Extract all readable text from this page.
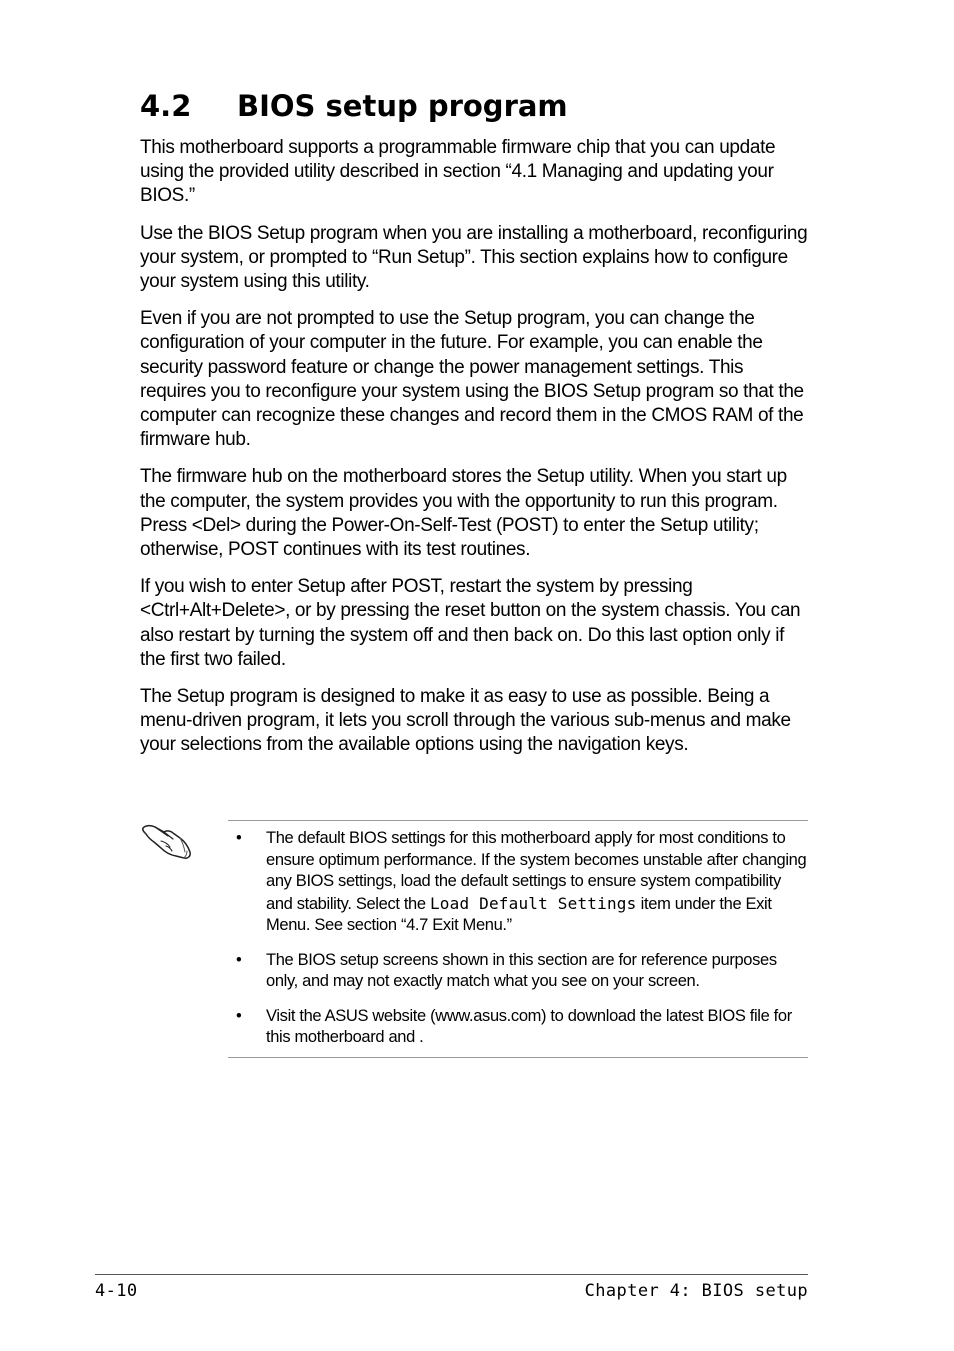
4.2 BIOS setup program

This motherboard supports a programmable firmware chip that you can update using the provided utility described in section “4.1 Managing and updating your BIOS.”

Use the BIOS Setup program when you are installing a motherboard, reconfiguring your system, or prompted to “Run Setup”. This section explains how to configure your system using this utility.

Even if you are not prompted to use the Setup program, you can change the configuration of your computer in the future. For example, you can enable the security password feature or change the power management settings. This requires you to reconfigure your system using the BIOS Setup program so that the computer can recognize these changes and record them in the CMOS RAM of the firmware hub.

The firmware hub on the motherboard stores the Setup utility. When you start up the computer, the system provides you with the opportunity to run this program. Press <Del> during the Power-On-Self-Test (POST) to enter the Setup utility; otherwise, POST continues with its test routines.

If you wish to enter Setup after POST, restart the system by pressing <Ctrl+Alt+Delete>, or by pressing the reset button on the system chassis. You can also restart by turning the system off and then back on. Do this last option only if the first two failed.

The Setup program is designed to make it as easy to use as possible. Being a menu-driven program, it lets you scroll through the various sub-menus and make your selections from the available options using the navigation keys.

• The default BIOS settings for this motherboard apply for most conditions to ensure optimum performance. If the system becomes unstable after changing any BIOS settings, load the default settings to ensure system compatibility and stability. Select the Load Default Settings item under the Exit Menu. See section “4.7 Exit Menu.”
• The BIOS setup screens shown in this section are for reference purposes only, and may not exactly match what you see on your screen.
• Visit the ASUS website (www.asus.com) to download the latest BIOS file for this motherboard and .
4-10	Chapter 4: BIOS setup
